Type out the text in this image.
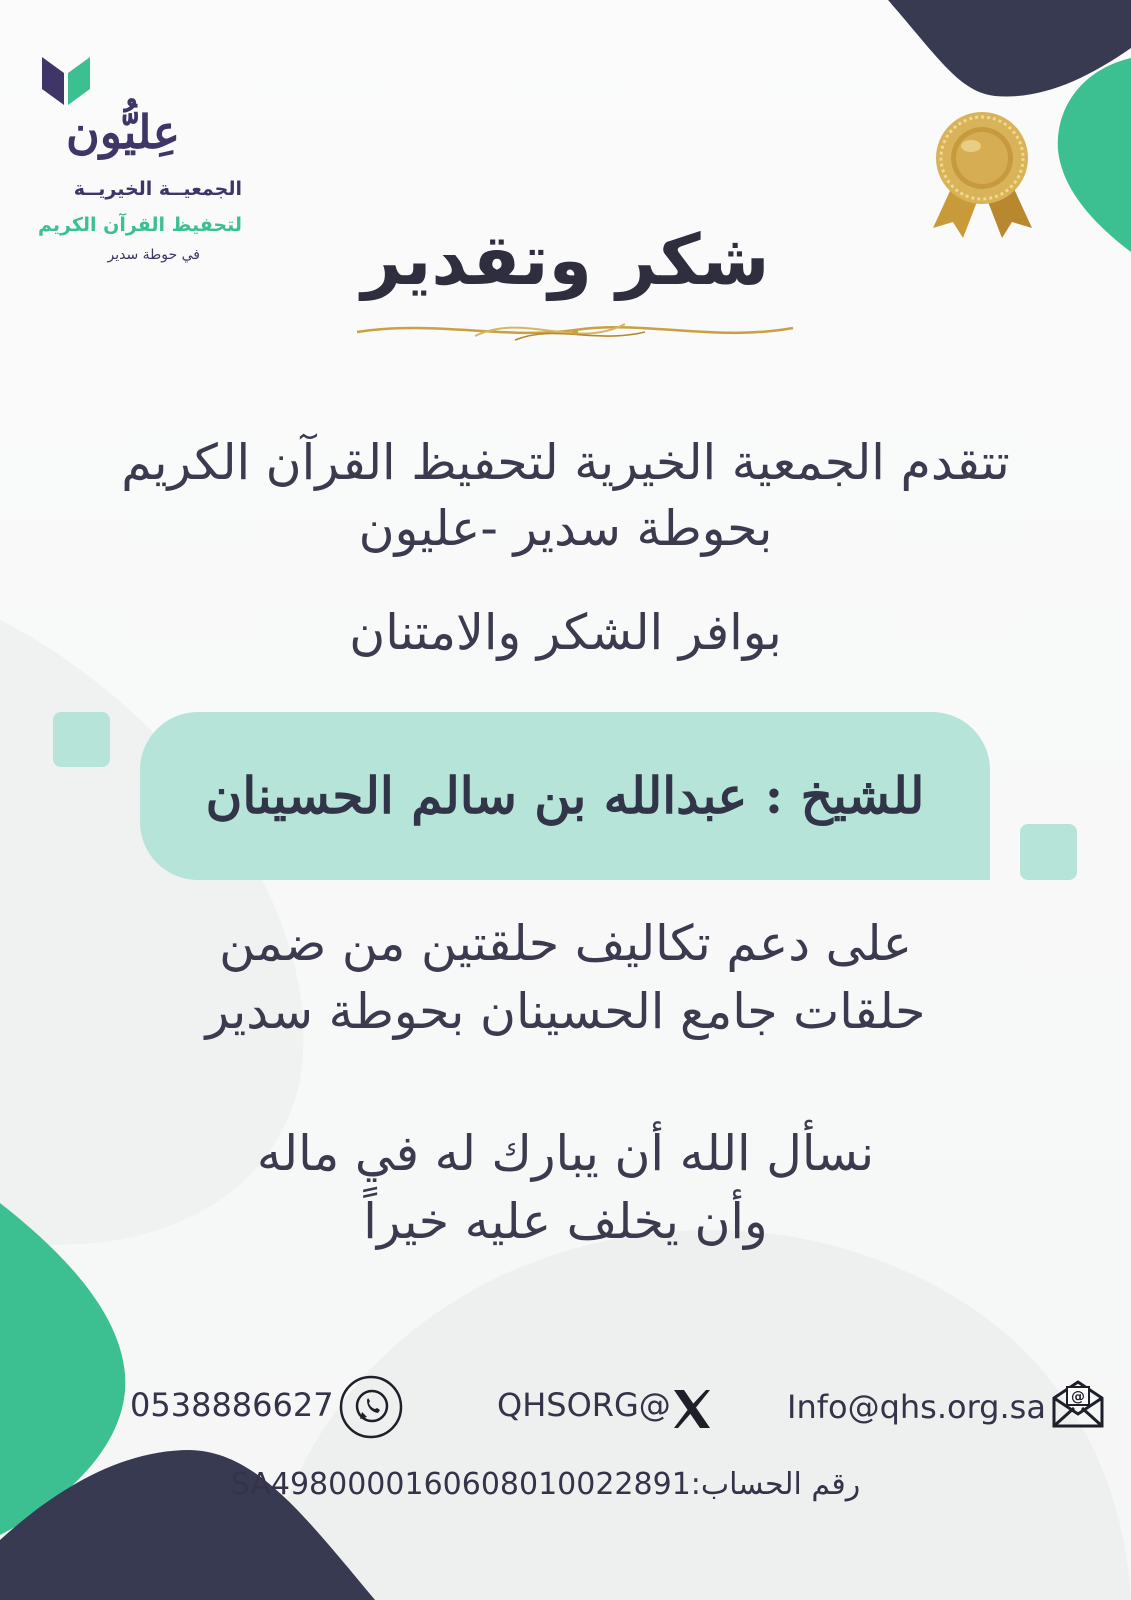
عِليُّون
الجمعيــة الخيريــة
لتحفيظ القرآن الكريم
في حوطة سدير	شكر وتقدير
تتقدم الجمعية الخيرية لتحفيظ القرآن الكريم
بحوطة سدير -عليون
بوافر الشكر والامتنان
للشيخ : عبدالله بن سالم الحسينان
على دعم تكاليف حلقتين من ضمن
حلقات جامع الحسينان بحوطة سدير
نسأل الله أن يبارك له في ماله
وأن يخلف عليه خيراً
0538886627	QHSORG@	Info@qhs.org.sa @
رقم الحساب:SA4980000160608010022891
